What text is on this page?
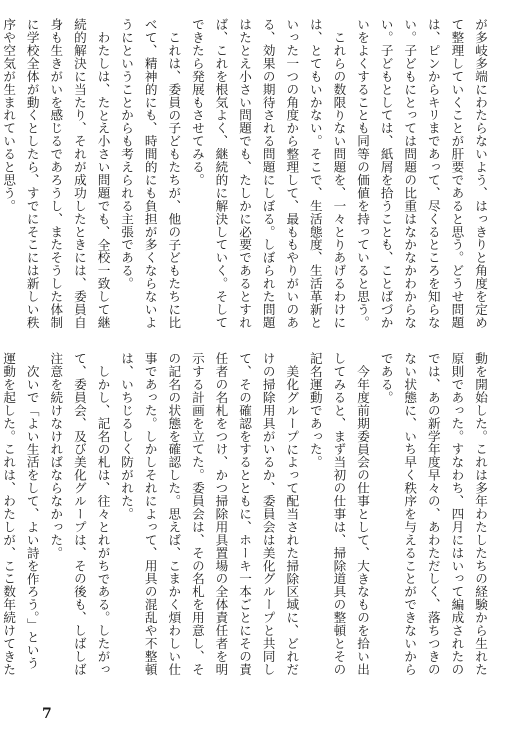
が多岐多端にわたらないよう、はっきりと角度を定めて整理していくことが肝要であると思う。どうせ問題は、ピンからキリまであって、尽くるところを知らない。子どもにとっては問題の比重はなかなかわからない。子どもとしては、紙屑を拾うことも、ことばづかいをよくすることも同等の価値を持っていると思う。

これらの数限りない問題を、一々とりあげるわけには、とてもいかない。そこで、生活態度、生活革新といった一つの角度から整理して、最ももやりがいのある、効果の期待される問題にしぼる。しぼられた問題はたとえ小さい問題でも、たしかに必要であるとすれば、これを根気よく、継続的に解決していく。そしてできたら発展もさせてみる。

これは、委員の子どもたちが、他の子どもたちに比べて、精神的にも、時間的にも負担が多くならないようにということからも考えられる主張である。

わたしは、たとえ小さい問題でも、全校一致して継続的解決に当たり、それが成功したときには、委員自身も生きがいを感じるであろうし、またそうした体制に学校全体が動くとしたら、すでにそこには新しい秩序や空気が生まれていると思う。

動を開始した。これは多年わたしたちの経験から生れた原則であった。すなわち、四月にはいって編成されたのでは、あの新学年度早々の、あわただしく、落ちつきのない状態に、いち早く秩序を与えることができないからである。

今年度前期委員会の仕事として、大きなものを拾い出してみると、まず当初の仕事は、掃除道具の整頓とその記名運動であった。

美化グループによって配当された掃除区域に、どれだけの掃除用具がいるか、委員会は美化グループと共同して、その確認をするとともに、ホーキ一本ごとにその責任者の名札をつけ、かつ掃除用具置場の全体責任者を明示する計画を立てた。委員会は、その名札を用意し、その記名の状態を確認した。思えば、こまかく煩わしい仕事であった。しかしそれによって、用具の混乱や不整頓は、いちじるしく防がれた。

しかし、記名の札は、往々とれがちである。したがって、委員会、及び美化グループは、その後も、しばしば注意を続けなければならなかった。

次いで「よい生活をして、よい詩を作ろう。」という運動を起した。これは、わたしが、ここ数年続けてきた

7
